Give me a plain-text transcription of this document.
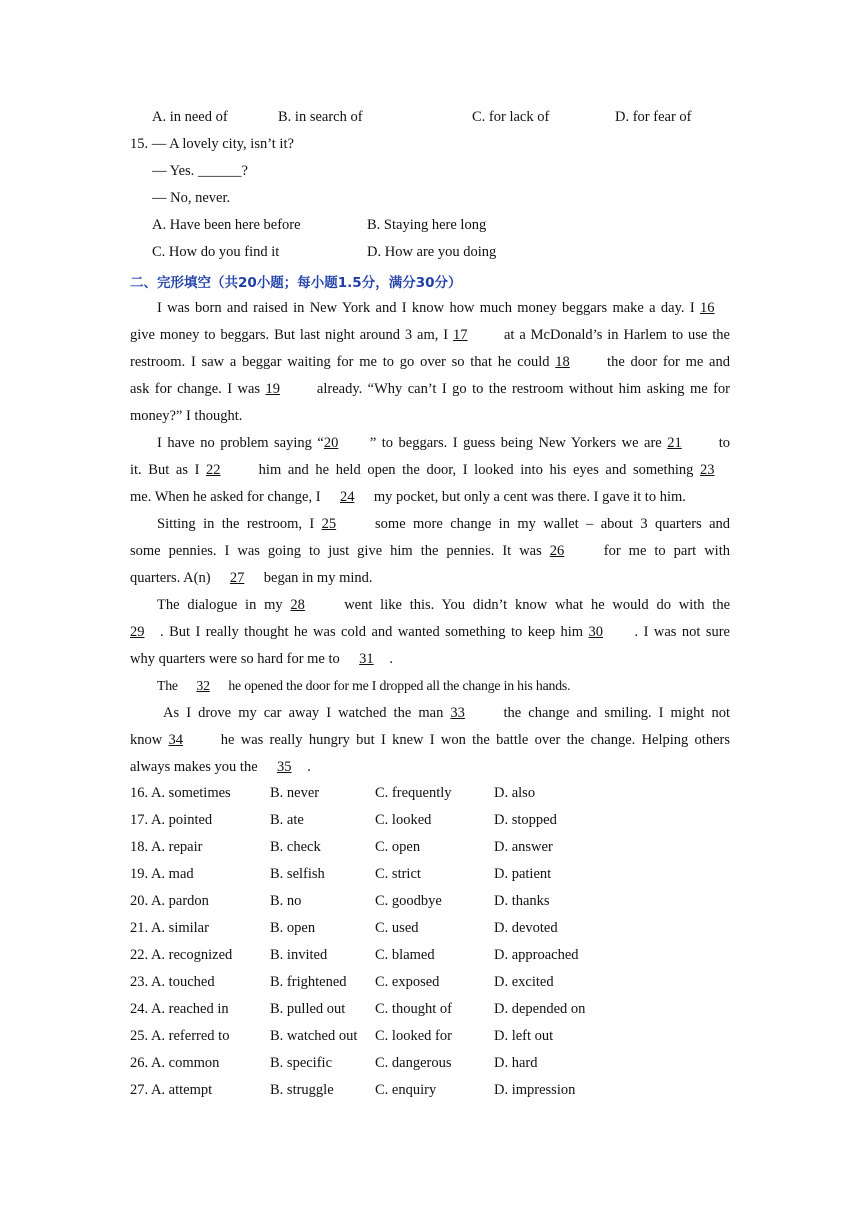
A. in need of	B. in search of	C. for lack of	D. for fear of
15. — A lovely city, isn’t it?
— Yes. ______?
— No, never.
A. Have been here before	B. Staying here long
C. How do you find it	D. How are you doing
二、完形填空（共20小题；每小题1.5分，满分30分）
I was born and raised in New York and I know how much money beggars make a day. I 16
give money to beggars. But last night around 3 am, I 17 at a McDonald’s in Harlem to use the
restroom. I saw a beggar waiting for me to go over so that he could 18 the door for me and
ask for change. I was 19 already. “Why can’t I go to the restroom without him asking me for
money?” I thought.
I have no problem saying “20 ” to beggars. I guess being New Yorkers we are 21 to
it. But as I 22 him and he held open the door, I looked into his eyes and something 23
me. When he asked for change, I 24 my pocket, but only a cent was there. I gave it to him.
Sitting in the restroom, I 25 some more change in my wallet – about 3 quarters and
some pennies. I was going to just give him the pennies. It was 26 for me to part with
quarters. A(n) 27 began in my mind.
The dialogue in my 28 went like this. You didn’t know what he would do with the
29 . But I really thought he was cold and wanted something to keep him 30 . I was not sure
why quarters were so hard for me to 31 .
The 32 he opened the door for me I dropped all the change in his hands.
As I drove my car away I watched the man 33 the change and smiling. I might not
know 34 he was really hungry but I knew I won the battle over the change. Helping others
always makes you the 35 .
16. A. sometimes	B. never	C. frequently	D. also
17. A. pointed	B. ate	C. looked	D. stopped
18. A. repair	B. check	C. open	D. answer
19. A. mad	B. selfish	C. strict	D. patient
20. A. pardon	B. no	C. goodbye	D. thanks
21. A. similar	B. open	C. used	D. devoted
22. A. recognized	B. invited	C. blamed	D. approached
23. A. touched	B. frightened C. exposed	D. excited
24. A. reached in	B. pulled out C. thought of	D. depended on
25. A. referred to	B. watched out C. looked for	D. left out
26. A. common	B. specific	C. dangerous	D. hard
27. A. attempt	B. struggle	C. enquiry	D. impression
